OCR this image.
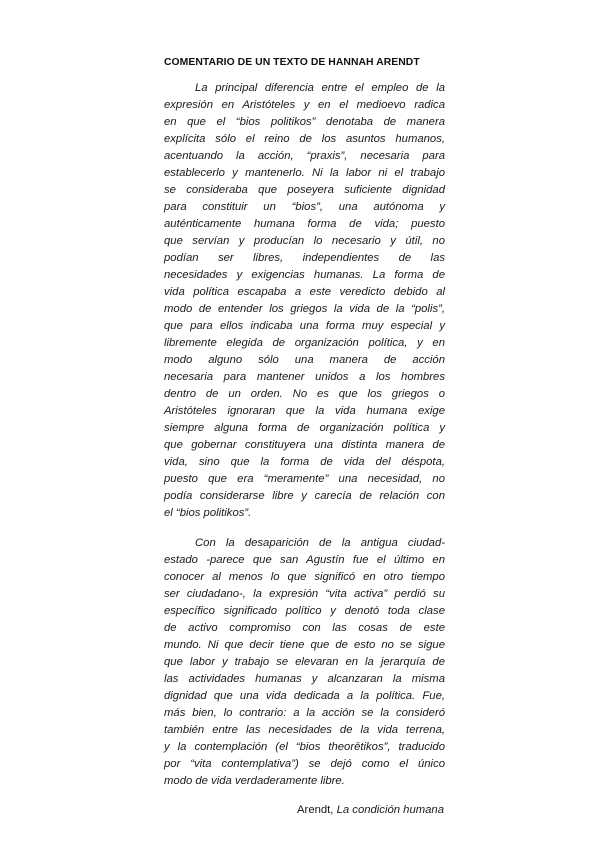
COMENTARIO DE UN TEXTO DE HANNAH ARENDT

La principal diferencia entre el empleo de la
expresión en Aristóteles y en el medioevo radica
en que el “bios politikos” denotaba de manera
explícita sólo el reino de los asuntos humanos,
acentuando la acción, “praxis”, necesaria para
establecerlo y mantenerlo. Ni la labor ni el trabajo
se consideraba que poseyera suficiente dignidad
para constituir un “bios”, una autónoma y
auténticamente humana forma de vida; puesto
que servían y producían lo necesario y útil, no
podían ser libres, independientes de las
necesidades y exigencias humanas. La forma de
vida política escapaba a este veredicto debido al
modo de entender los griegos la vida de la “polis”,
que para ellos indicaba una forma muy especial y
libremente elegida de organización política, y en
modo alguno sólo una manera de acción
necesaria para mantener unidos a los hombres
dentro de un orden. No es que los griegos o
Aristóteles ignoraran que la vida humana exige
siempre alguna forma de organización política y
que gobernar constituyera una distinta manera de
vida, sino que la forma de vida del déspota,
puesto que era “meramente” una necesidad, no
podía considerarse libre y carecía de relación con
el “bios politikos”.

Con la desaparición de la antigua ciudad-
estado -parece que san Agustín fue el último en
conocer al menos lo que significó en otro tiempo
ser ciudadano-, la expresión “vita activa” perdió su
específico significado político y denotó toda clase
de activo compromiso con las cosas de este
mundo. Ni que decir tiene que de esto no se sigue
que labor y trabajo se elevaran en la jerarquía de
las actividades humanas y alcanzaran la misma
dignidad que una vida dedicada a la política. Fue,
más bien, lo contrario: a la acción se la consideró
también entre las necesidades de la vida terrena,
y la contemplación (el “bios theorētikos”, traducido
por “vita contemplativa”) se dejó como el único
modo de vida verdaderamente libre.

Arendt, La condición humana
